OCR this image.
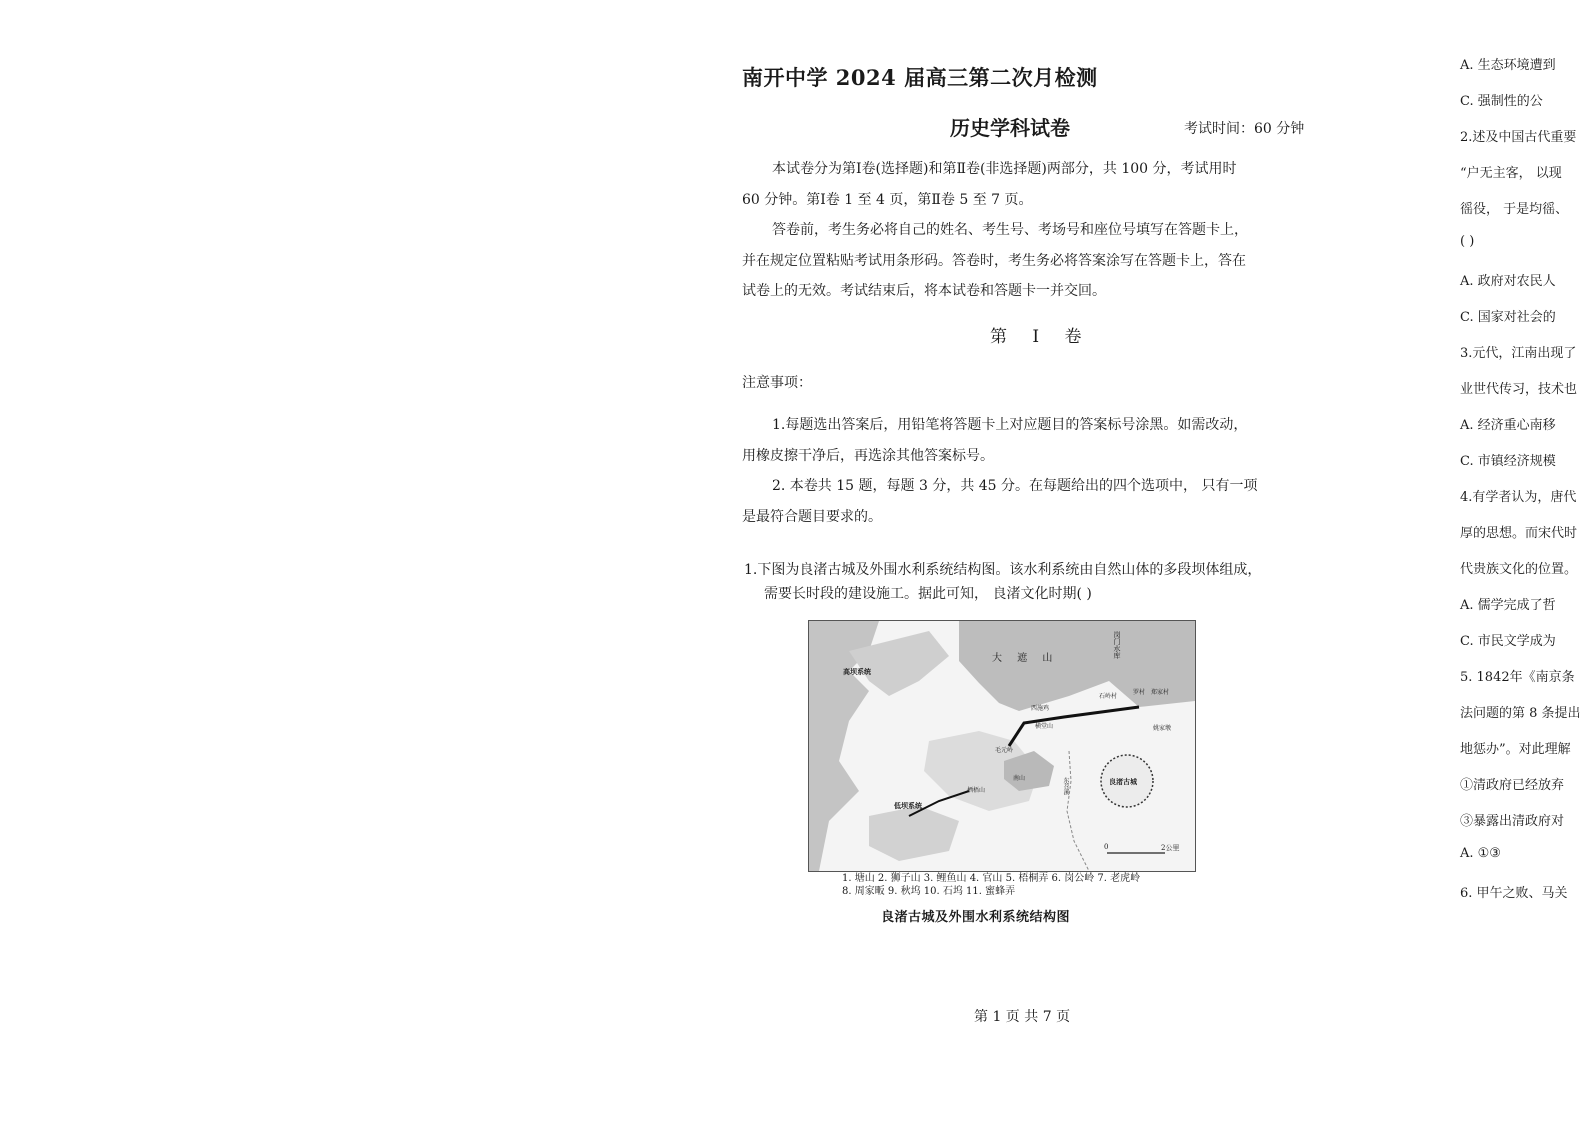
南开中学 2024 届高三第二次月检测
历史学科试卷	考试时间：60 分钟
本试卷分为第Ⅰ卷(选择题)和第Ⅱ卷(非选择题)两部分，共 100 分，考试用时
60 分钟。第Ⅰ卷 1 至 4 页，第Ⅱ卷 5 至 7 页。
答卷前，考生务必将自己的姓名、考生号、考场号和座位号填写在答题卡上，
并在规定位置粘贴考试用条形码。答卷时，考生务必将答案涂写在答题卡上，答在
试卷上的无效。考试结束后，将本试卷和答题卡一并交回。
第 Ⅰ 卷
注意事项：
1.每题选出答案后，用铅笔将答题卡上对应题目的答案标号涂黑。如需改动，
用橡皮擦干净后，再选涂其他答案标号。
2. 本卷共 15 题，每题 3 分，共 45 分。在每题给出的四个选项中， 只有一项
是最符合题目要求的。
1.下图为良渚古城及外围水利系统结构图。该水利系统由自然山体的多段坝体组成，
需要长时段的建设施工。据此可知， 良渚文化时期( )
大 遮 山	岗门水库
高坝系统
低坝系统
良渚古城
石岭村
罗村 郑家村
西施鸡
横堂山
毛元岭
南山
栖梧山
姚家墩
东苕溪
0	2公里
1. 塘山 2. 狮子山 3. 鲤鱼山 4. 官山 5. 梧桐弄 6. 岗公岭 7. 老虎岭
8. 周家畈 9. 秋坞 10. 石坞 11. 蜜蜂弄
良渚古城及外围水利系统结构图
第 1 页 共 7 页
A. 生态环境遭到
C. 强制性的公
2.述及中国古代重要
“户无主客， 以现
徭役， 于是均徭、
( )
A. 政府对农民人
C. 国家对社会的
3.元代，江南出现了
业世代传习，技术也
A. 经济重心南移
C. 市镇经济规模
4.有学者认为，唐代
厚的思想。而宋代时
代贵族文化的位置。
A. 儒学完成了哲
C. 市民文学成为
5. 1842年《南京条
法问题的第 8 条提出
地惩办”。对此理解
①清政府已经放弃
③暴露出清政府对
A. ①③
6. 甲午之败、马关
